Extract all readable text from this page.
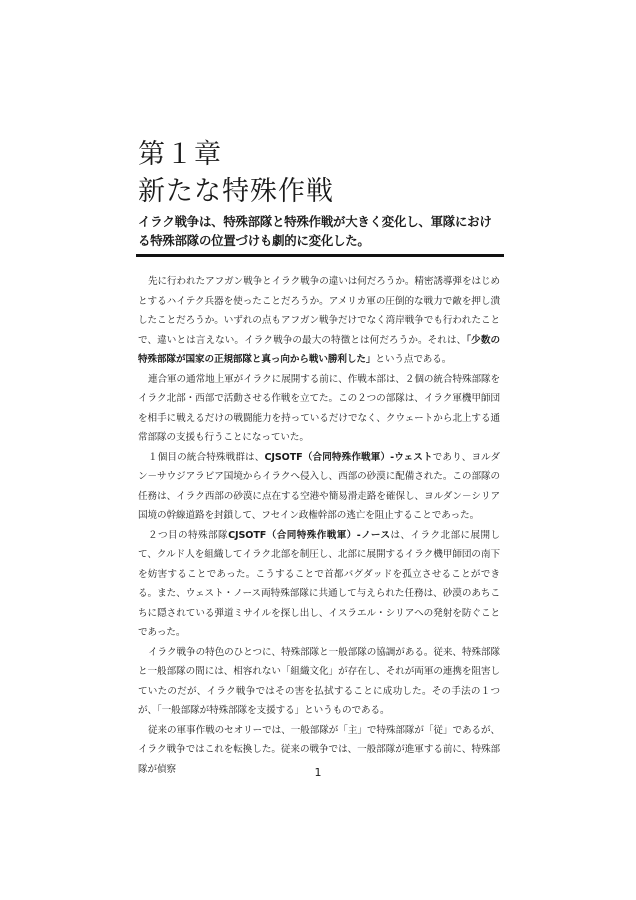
第１章
新たな特殊作戦

イラク戦争は、特殊部隊と特殊作戦が大きく変化し、軍隊における特殊部隊の位置づけも劇的に変化した。

先に行われたアフガン戦争とイラク戦争の違いは何だろうか。精密誘導弾をはじめとするハイテク兵器を使ったことだろうか。アメリカ軍の圧倒的な戦力で敵を押し潰したことだろうか。いずれの点もアフガン戦争だけでなく湾岸戦争でも行われたことで、違いとは言えない。イラク戦争の最大の特徴とは何だろうか。それは、「少数の特殊部隊が国家の正規部隊と真っ向から戦い勝利した」という点である。

連合軍の通常地上軍がイラクに展開する前に、作戦本部は、２個の統合特殊部隊をイラク北部・西部で活動させる作戦を立てた。この２つの部隊は、イラク軍機甲師団を相手に戦えるだけの戦闘能力を持っているだけでなく、クウェートから北上する通常部隊の支援も行うことになっていた。

１個目の統合特殊戦群は、CJSOTF（合同特殊作戦軍）-ウェストであり、ヨルダン－サウジアラビア国境からイラクへ侵入し、西部の砂漠に配備された。この部隊の任務は、イラク西部の砂漠に点在する空港や簡易滑走路を確保し、ヨルダン－シリア国境の幹線道路を封鎖して、フセイン政権幹部の逃亡を阻止することであった。

２つ目の特殊部隊CJSOTF（合同特殊作戦軍）-ノースは、イラク北部に展開して、クルド人を組織してイラク北部を制圧し、北部に展開するイラク機甲師団の南下を妨害することであった。こうすることで首都バグダッドを孤立させることができる。また、ウェスト・ノース両特殊部隊に共通して与えられた任務は、砂漠のあちこちに隠されている弾道ミサイルを探し出し、イスラエル・シリアへの発射を防ぐことであった。

イラク戦争の特色のひとつに、特殊部隊と一般部隊の協調がある。従来、特殊部隊と一般部隊の間には、相容れない「組織文化」が存在し、それが両軍の連携を阻害していたのだが、イラク戦争ではその害を払拭することに成功した。その手法の１つが、「一般部隊が特殊部隊を支援する」というものである。

従来の軍事作戦のセオリーでは、一般部隊が「主」で特殊部隊が「従」であるが、イラク戦争ではこれを転換した。従来の戦争では、一般部隊が進軍する前に、特殊部隊が偵察	1
